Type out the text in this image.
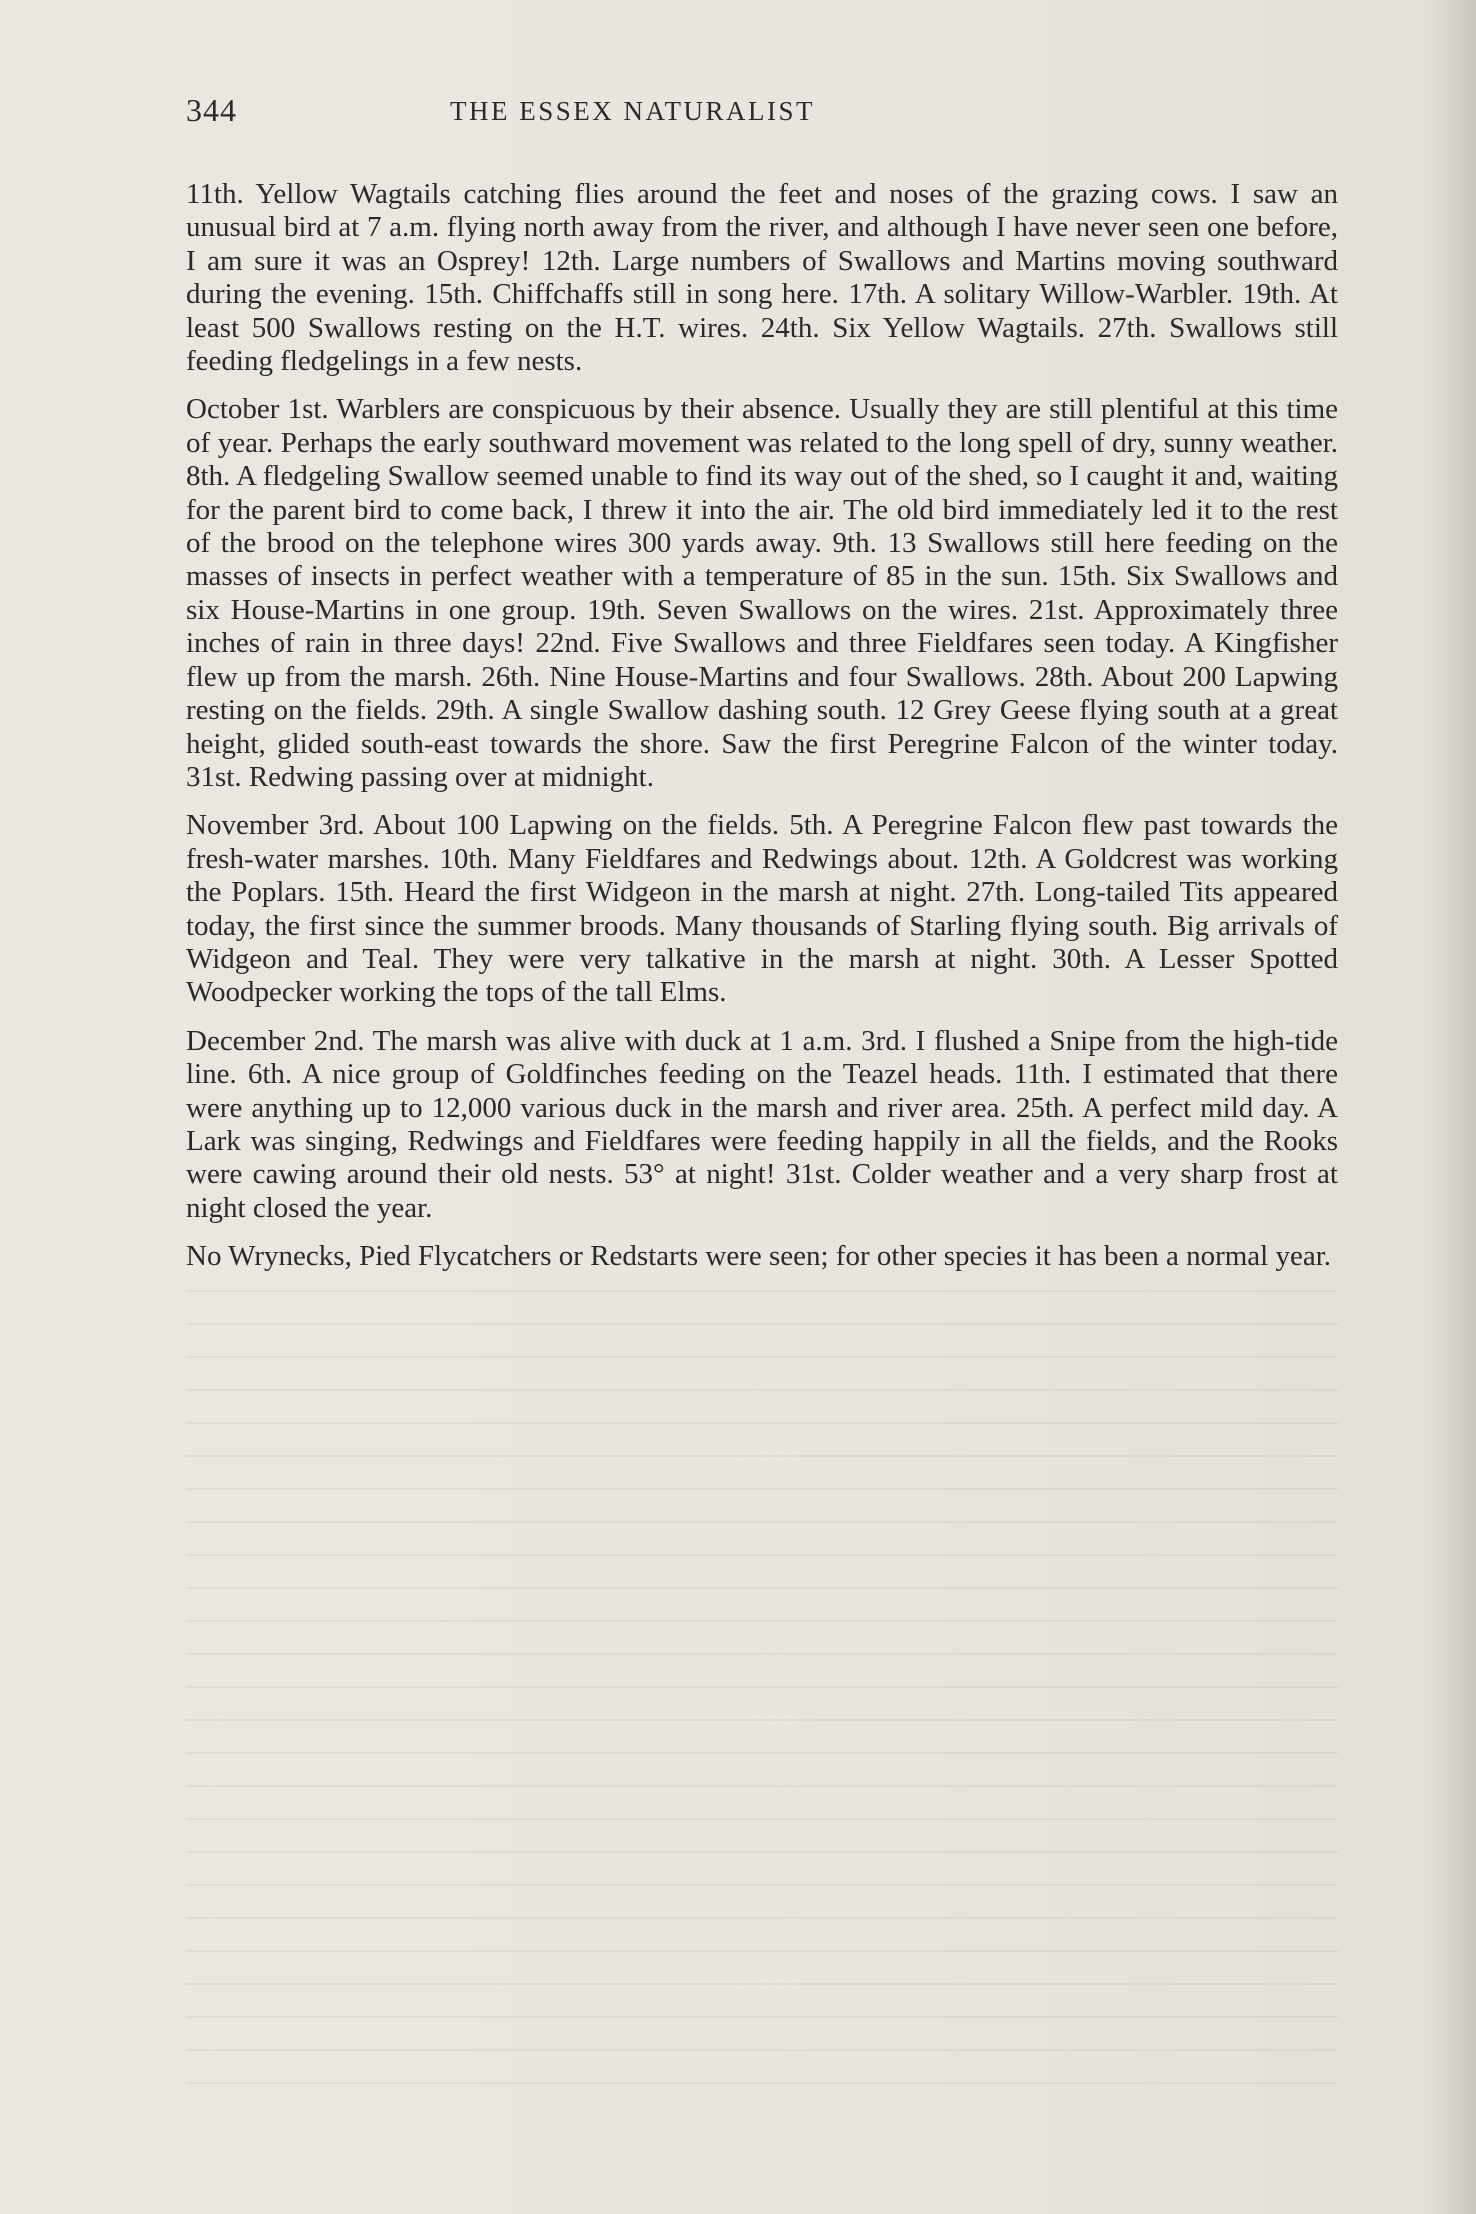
344	THE ESSEX NATURALIST

11th. Yellow Wagtails catching flies around the feet and noses of the grazing cows. I saw an unusual bird at 7 a.m. flying north away from the river, and although I have never seen one before, I am sure it was an Osprey! 12th. Large numbers of Swallows and Martins moving southward during the evening. 15th. Chiffchaffs still in song here. 17th. A solitary Willow-Warbler. 19th. At least 500 Swallows resting on the H.T. wires. 24th. Six Yellow Wagtails. 27th. Swallows still feeding fledgelings in a few nests.

October 1st. Warblers are conspicuous by their absence. Usually they are still plentiful at this time of year. Perhaps the early southward movement was related to the long spell of dry, sunny weather. 8th. A fledgeling Swallow seemed unable to find its way out of the shed, so I caught it and, waiting for the parent bird to come back, I threw it into the air. The old bird immediately led it to the rest of the brood on the telephone wires 300 yards away. 9th. 13 Swallows still here feeding on the masses of insects in perfect weather with a temperature of 85 in the sun. 15th. Six Swallows and six House-Martins in one group. 19th. Seven Swallows on the wires. 21st. Approximately three inches of rain in three days! 22nd. Five Swallows and three Fieldfares seen today. A Kingfisher flew up from the marsh. 26th. Nine House-Martins and four Swallows. 28th. About 200 Lapwing resting on the fields. 29th. A single Swallow dashing south. 12 Grey Geese flying south at a great height, glided south-east towards the shore. Saw the first Peregrine Falcon of the winter today. 31st. Redwing passing over at midnight.

November 3rd. About 100 Lapwing on the fields. 5th. A Peregrine Falcon flew past towards the fresh-water marshes. 10th. Many Fieldfares and Redwings about. 12th. A Goldcrest was working the Poplars. 15th. Heard the first Widgeon in the marsh at night. 27th. Long-tailed Tits appeared today, the first since the summer broods. Many thousands of Starling flying south. Big arrivals of Widgeon and Teal. They were very talkative in the marsh at night. 30th. A Lesser Spotted Woodpecker working the tops of the tall Elms.

December 2nd. The marsh was alive with duck at 1 a.m. 3rd. I flushed a Snipe from the high-tide line. 6th. A nice group of Goldfinches feeding on the Teazel heads. 11th. I estimated that there were anything up to 12,000 various duck in the marsh and river area. 25th. A perfect mild day. A Lark was singing, Redwings and Fieldfares were feeding happily in all the fields, and the Rooks were cawing around their old nests. 53° at night! 31st. Colder weather and a very sharp frost at night closed the year.

No Wrynecks, Pied Flycatchers or Redstarts were seen; for other species it has been a normal year.
